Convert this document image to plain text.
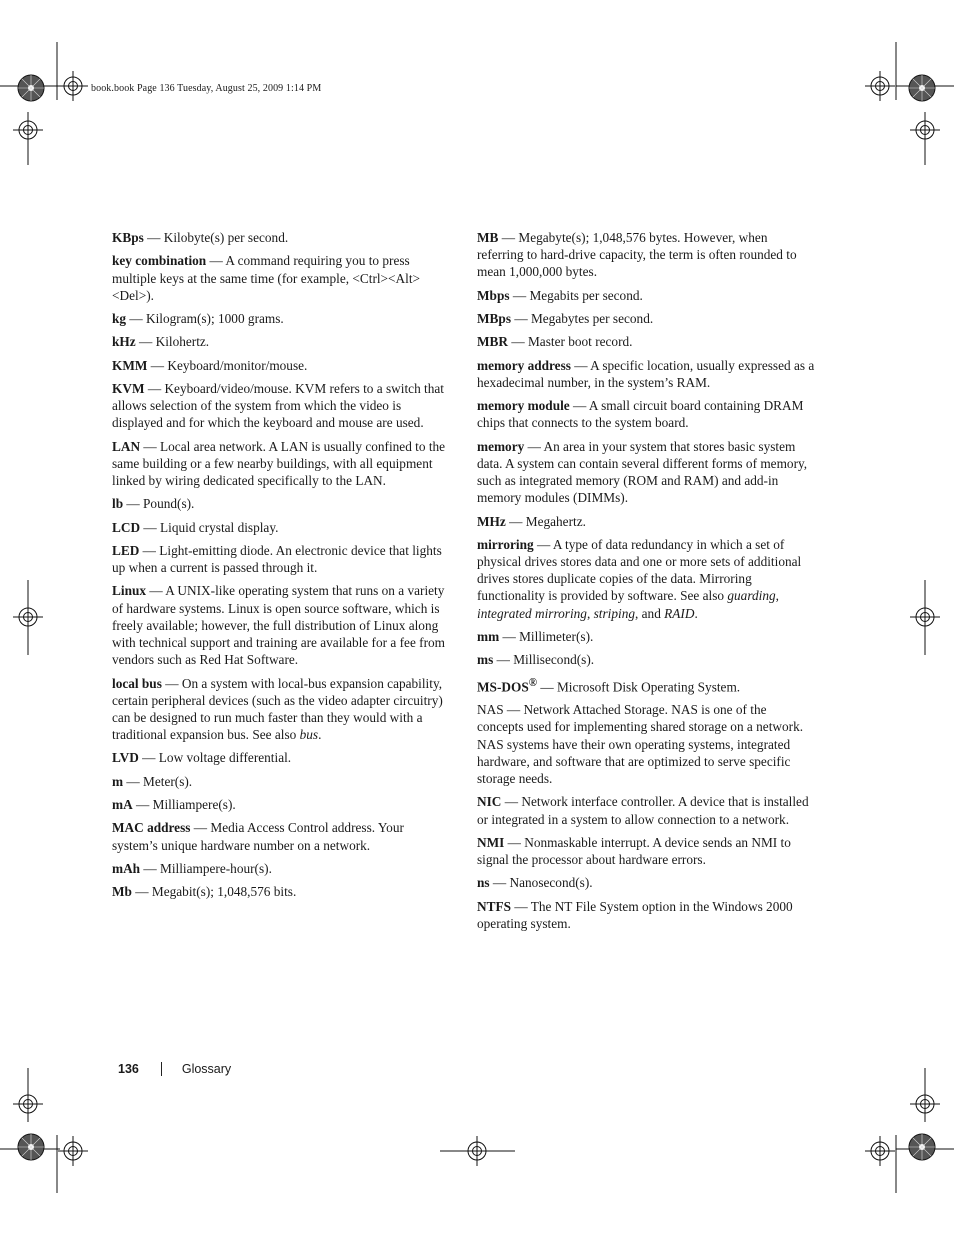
book.book Page 136 Tuesday, August 25, 2009 1:14 PM

KBps — Kilobyte(s) per second.

key combination — A command requiring you to press multiple keys at the same time (for example, <Ctrl><Alt><Del>).

kg — Kilogram(s); 1000 grams.

kHz — Kilohertz.

KMM — Keyboard/monitor/mouse.

KVM — Keyboard/video/mouse. KVM refers to a switch that allows selection of the system from which the video is displayed and for which the keyboard and mouse are used.

LAN — Local area network. A LAN is usually confined to the same building or a few nearby buildings, with all equipment linked by wiring dedicated specifically to the LAN.

lb — Pound(s).

LCD — Liquid crystal display.

LED — Light-emitting diode. An electronic device that lights up when a current is passed through it.

Linux — A UNIX-like operating system that runs on a variety of hardware systems. Linux is open source software, which is freely available; however, the full distribution of Linux along with technical support and training are available for a fee from vendors such as Red Hat Software.

local bus — On a system with local-bus expansion capability, certain peripheral devices (such as the video adapter circuitry) can be designed to run much faster than they would with a traditional expansion bus. See also bus.

LVD — Low voltage differential.

m — Meter(s).

mA — Milliampere(s).

MAC address — Media Access Control address. Your system’s unique hardware number on a network.

mAh — Milliampere-hour(s).

Mb — Megabit(s); 1,048,576 bits.

MB — Megabyte(s); 1,048,576 bytes. However, when referring to hard-drive capacity, the term is often rounded to mean 1,000,000 bytes.

Mbps — Megabits per second.

MBps — Megabytes per second.

MBR — Master boot record.

memory address — A specific location, usually expressed as a hexadecimal number, in the system’s RAM.

memory module — A small circuit board containing DRAM chips that connects to the system board.

memory — An area in your system that stores basic system data. A system can contain several different forms of memory, such as integrated memory (ROM and RAM) and add-in memory modules (DIMMs).

MHz — Megahertz.

mirroring — A type of data redundancy in which a set of physical drives stores data and one or more sets of additional drives stores duplicate copies of the data. Mirroring functionality is provided by software. See also guarding, integrated mirroring, striping, and RAID.

mm — Millimeter(s).

ms — Millisecond(s).

MS-DOS® — Microsoft Disk Operating System.

NAS — Network Attached Storage. NAS is one of the concepts used for implementing shared storage on a network. NAS systems have their own operating systems, integrated hardware, and software that are optimized to serve specific storage needs.

NIC — Network interface controller. A device that is installed or integrated in a system to allow connection to a network.

NMI — Nonmaskable interrupt. A device sends an NMI to signal the processor about hardware errors.

ns — Nanosecond(s).

NTFS — The NT File System option in the Windows 2000 operating system.

136	Glossary
